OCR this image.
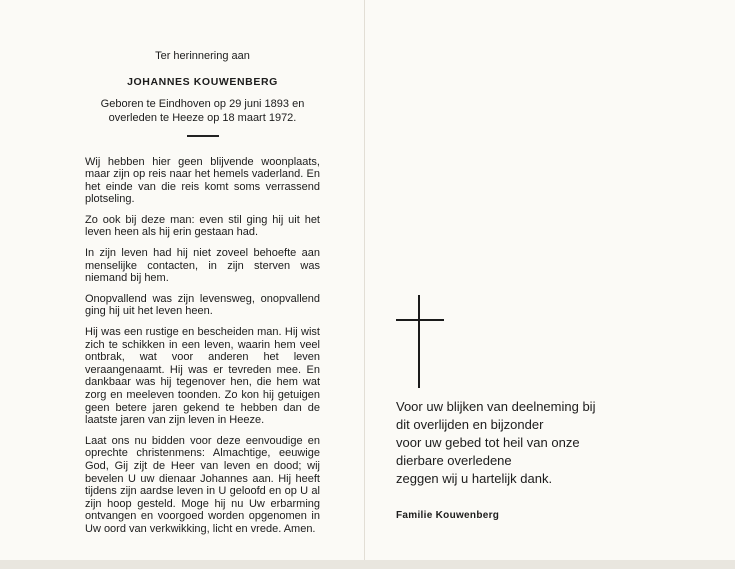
Ter herinnering aan

JOHANNES KOUWENBERG

Geboren te Eindhoven op 29 juni 1893 en
overleden te Heeze op 18 maart 1972.

Wij hebben hier geen blijvende woonplaats, maar zijn op reis naar het hemels vaderland. En het einde van die reis komt soms verrassend plotseling.

Zo ook bij deze man: even stil ging hij uit het leven heen als hij erin gestaan had.

In zijn leven had hij niet zoveel behoefte aan menselijke contacten, in zijn sterven was niemand bij hem.

Onopvallend was zijn levensweg, onopvallend ging hij uit het leven heen.

Hij was een rustige en bescheiden man. Hij wist zich te schikken in een leven, waarin hem veel ontbrak, wat voor anderen het leven veraangenaamt. Hij was er tevreden mee. En dankbaar was hij tegenover hen, die hem wat zorg en meeleven toonden. Zo kon hij getuigen geen betere jaren gekend te hebben dan de laatste jaren van zijn leven in Heeze.

Laat ons nu bidden voor deze eenvoudige en oprechte christenmens: Almachtige, eeuwige God, Gij zijt de Heer van leven en dood; wij bevelen U uw dienaar Johannes aan. Hij heeft tijdens zijn aardse leven in U geloofd en op U al zijn hoop gesteld. Moge hij nu Uw erbarming ontvangen en voorgoed worden opgenomen in Uw oord van verkwikking, licht en vrede. Amen.

Voor uw blijken van deelneming bij
dit overlijden en bijzonder
voor uw gebed tot heil van onze
dierbare overledene
zeggen wij u hartelijk dank.

Familie Kouwenberg
